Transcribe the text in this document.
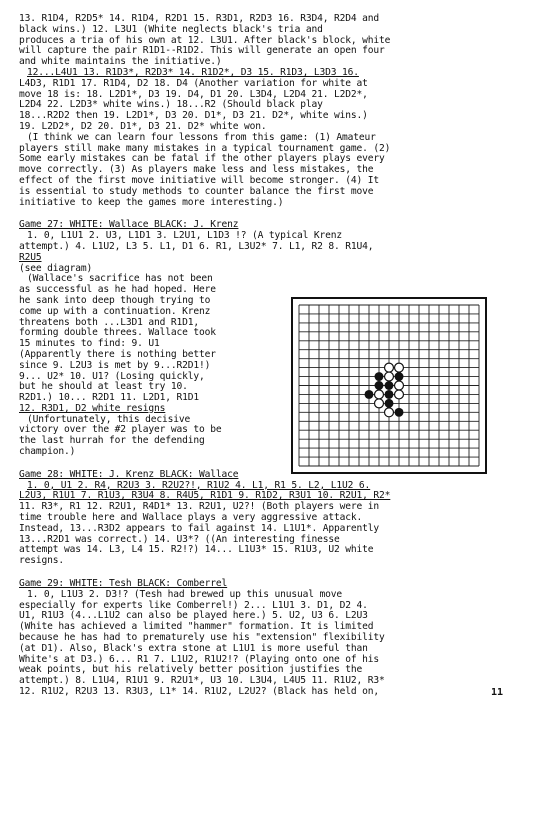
13. R1D4, R2D5* 14. R1D4, R2D1 15. R3D1, R2D3 16. R3D4, R2D4 and

black wins.) 12. L3U1 (White neglects black's tria and

produces a tria of his own at 12. L3U1. After black's block, white

will capture the pair R1D1--R1D2. This will generate an open four

and white maintains the initiative.)

12...L4U1 13. R1D3*, R2D3* 14. R1D2*, D3 15. R1D3, L3D3 16.

L4D3, R1D1 17. R1D4, D2 18. D4 (Another variation for white at

move 18 is: 18. L2D1*, D3 19. D4, D1 20. L3D4, L2D4 21. L2D2*,

L2D4 22. L2D3* white wins.) 18...R2 (Should black play

18...R2D2 then 19. L2D1*, D3 20. D1*, D3 21. D2*, white wins.)

19. L2D2*, D2 20. D1*, D3 21. D2* white won.

(I think we can learn four lessons from this game: (1) Amateur

players still make many mistakes in a typical tournament game. (2)

Some early mistakes can be fatal if the other players plays every

move correctly. (3) As players make less and less mistakes, the

effect of the first move initiative will become stronger. (4) It

is essential to study methods to counter balance the first move

initiative to keep the games more interesting.)

Game 27: WHITE: Wallace BLACK: J. Krenz

1. 0, L1U1 2. U3, L1D1 3. L2U1, L1D3 !? (A typical Krenz

attempt.) 4. L1U2, L3 5. L1, D1 6. R1, L3U2* 7. L1, R2 8. R1U4,

R2U5

(see diagram)

(Wallace's sacrifice has not been

as successful as he had hoped. Here

he sank into deep though trying to

come up with a continuation. Krenz

threatens both ...L3D1 and R1D1,

forming double threes. Wallace took

15 minutes to find: 9. U1

(Apparently there is nothing better

since 9. L2U3 is met by 9...R2D1!)

9... U2* 10. U1? (Losing quickly,

but he should at least try 10.

R2D1.) 10... R2D1 11. L2D1, R1D1

12. R3D1, D2 white resigns

(Unfortunately, this decisive

victory over the #2 player was to be

the last hurrah for the defending

champion.)

Game 28: WHITE: J. Krenz BLACK: Wallace

1. 0, U1 2. R4, R2U3 3. R2U2?!, R1U2 4. L1, R1 5. L2, L1U2 6.

L2U3, R1U1 7. R1U3, R3U4 8. R4U5, R1D1 9. R1D2, R3U1 10. R2U1, R2*

11. R3*, R1 12. R2U1, R4D1* 13. R2U1, U2?! (Both players were in

time trouble here and Wallace plays a very aggressive attack.

Instead, 13...R3D2 appears to fail against 14. L1U1*. Apparently

13...R2D1 was correct.) 14. U3*? ((An interesting finesse

attempt was 14. L3, L4 15. R2!?) 14... L1U3* 15. R1U3, U2 white

resigns.

Game 29: WHITE: Tesh BLACK: Comberrel

1. 0, L1U3 2. D3!? (Tesh had brewed up this unusual move

especially for experts like Comberrel!) 2... L1U1 3. D1, D2 4.

U1, R1U3 (4...L1U2 can also be played here.) 5. U2, U3 6. L2U3

(White has achieved a limited "hammer" formation. It is limited

because he has had to prematurely use his "extension" flexibility

(at D1). Also, Black's extra stone at L1U1 is more useful than

White's at D3.) 6... R1 7. L1U2, R1U2!? (Playing onto one of his

weak points, but his relatively better position justifies the

attempt.) 8. L1U4, R1U1 9. R2U1*, U3 10. L3U4, L4U5 11. R1U2, R3*

12. R1U2, R2U3 13. R3U3, L1* 14. R1U2, L2U2? (Black has held on,	11
